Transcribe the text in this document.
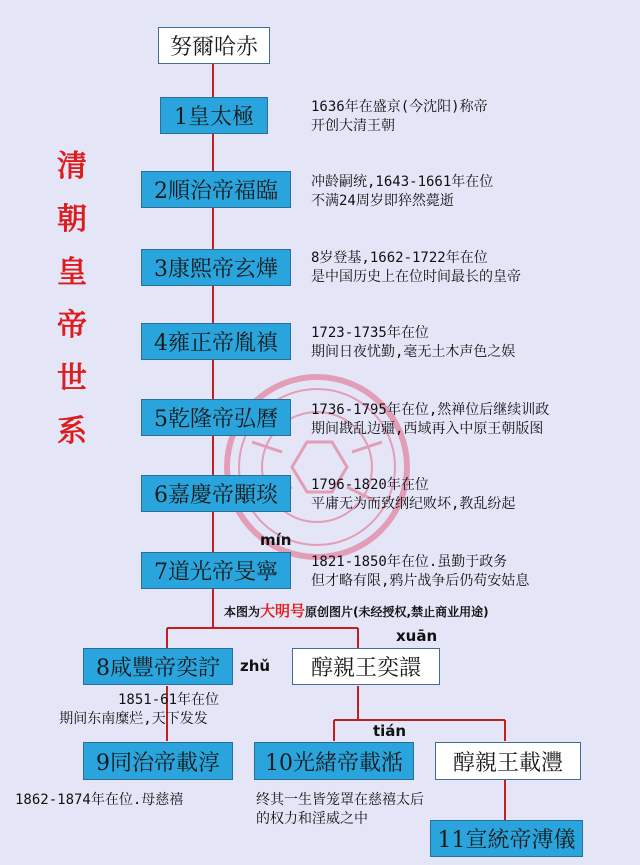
清
朝
皇
帝
世
系
努爾哈赤
1皇太極
2順治帝福臨
3康熙帝玄燁
4雍正帝胤禛
5乾隆帝弘曆
6嘉慶帝顒琰
7道光帝旻寧
8咸豐帝奕詝	醇親王奕譞
9同治帝載淳	10光緒帝載湉	醇親王載灃
11宣統帝溥儀
1636年在盛京(今沈阳)称帝
开创大清王朝
冲龄嗣统,1643-1661年在位
不满24周岁即猝然薨逝
8岁登基,1662-1722年在位
是中国历史上在位时间最长的皇帝
1723-1735年在位
期间日夜忧勤,毫无土木声色之娱
1736-1795年在位,然禅位后继续训政
期间戡乱边疆,西域再入中原王朝版图
1796-1820年在位
平庸无为而致纲纪败坏,教乱纷起
1821-1850年在位.虽勤于政务
但才略有限,鸦片战争后仍苟安姑息
1851-61年在位
期间东南糜烂,天下发发
1862-1874年在位.母慈禧	终其一生皆笼罩在慈禧太后
的权力和淫威之中
mín
zhǔ
xuān
tián
本图为大明号原创图片(未经授权,禁止商业用途)
